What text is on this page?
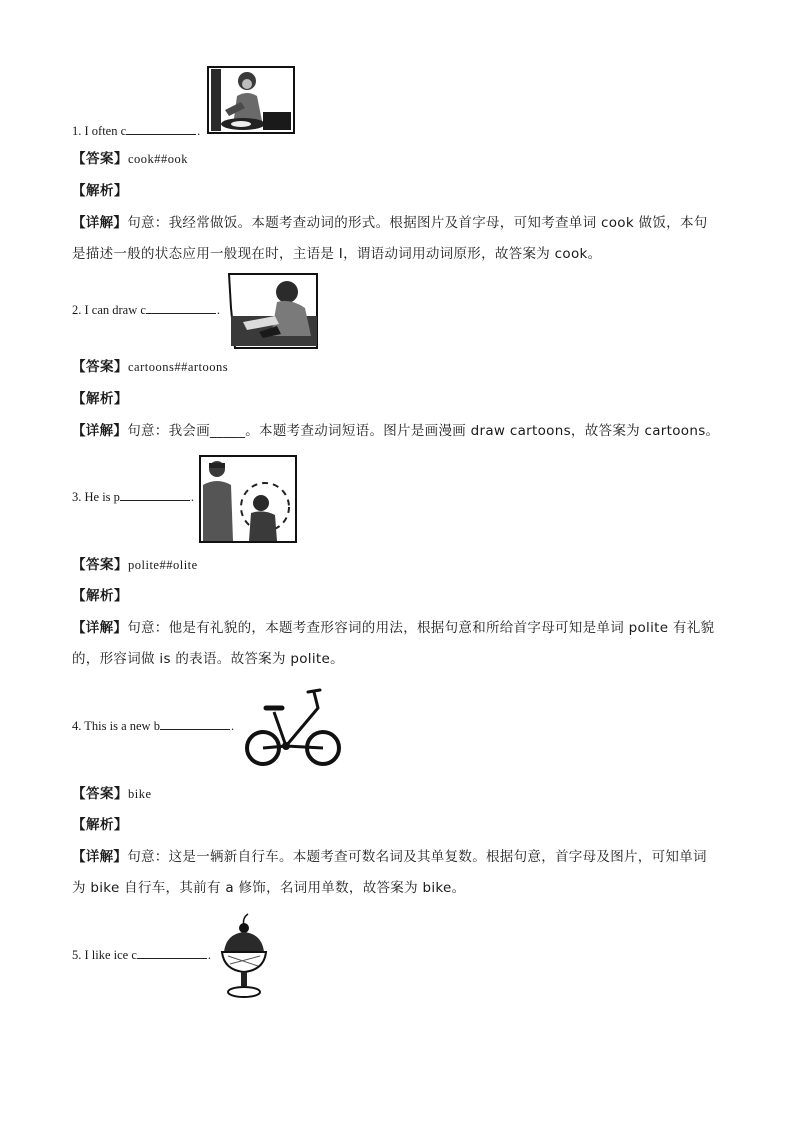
1. I often c	.
【答案】cook##ook
【解析】
【详解】句意：我经常做饭。本题考查动词的形式。根据图片及首字母，可知考查单词 cook 做饭，本句
是描述一般的状态应用一般现在时，主语是 I，谓语动词用动词原形，故答案为 cook。
2. I can draw c	.
【答案】cartoons##artoons
【解析】
【详解】句意：我会画_____。本题考查动词短语。图片是画漫画 draw cartoons，故答案为 cartoons。
3. He is p	.
【答案】polite##olite
【解析】
【详解】句意：他是有礼貌的，本题考查形容词的用法，根据句意和所给首字母可知是单词 polite 有礼貌
的，形容词做 is 的表语。故答案为 polite。
4. This is a new b	.
【答案】bike
【解析】
【详解】句意：这是一辆新自行车。本题考查可数名词及其单复数。根据句意，首字母及图片，可知单词
为 bike 自行车，其前有 a 修饰，名词用单数，故答案为 bike。
5. I like ice c	.
